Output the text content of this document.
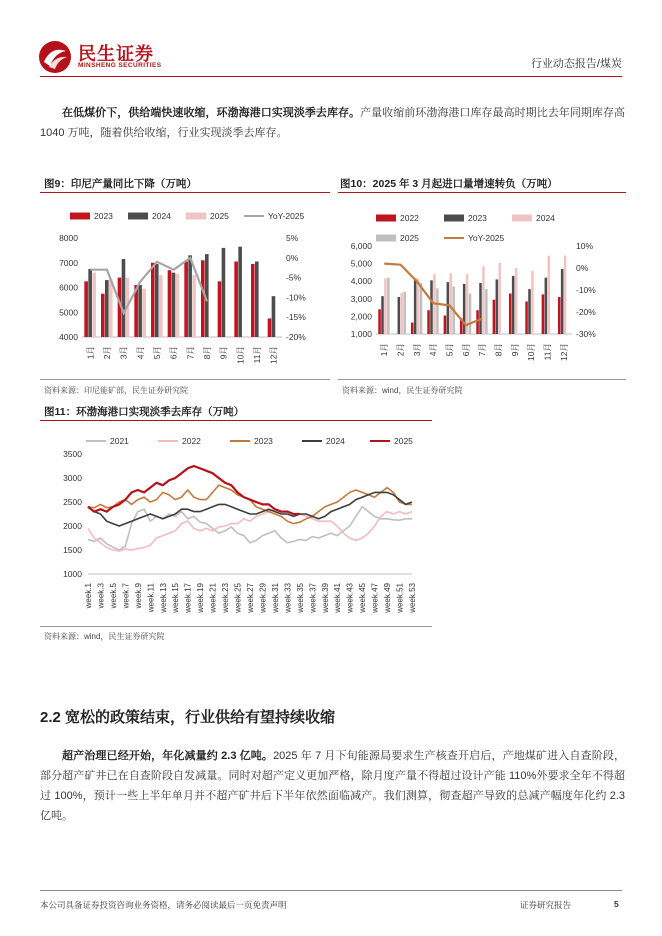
民生证券
MINSHENG SECURITIES	行业动态报告/煤炭
在低煤价下，供给端快速收缩，环渤海港口实现淡季去库存。产量收缩前环渤海港口库存最高时期比去年同期库存高 1040 万吨，随着供给收缩，行业实现淡季去库存。
图9：印尼产量同比下降（万吨）
2023	2024	2025	YoY-2025
4000
5000
6000
7000
8000	5%
0%
-5%
-10%
-15%
-20%
1月 2月 3月 4月 5月 6月 7月 8月 9月 10月 11月 12月
资料来源：印尼能矿部，民生证券研究院
图10：2025 年 3 月起进口量增速转负（万吨）
2022	2023	2024
2025	YoY-2025
1,000
2,000
3,000
4,000
5,000
6,000	10%
0%
-10%
-20%
-30%
1月 2月 3月 4月 5月 6月 7月 8月 9月 10月 11月 12月
资料来源：wind，民生证券研究院
图11：环渤海港口实现淡季去库存（万吨）
2021	2022	2023	2024	2025
1000
1500
2000
2500
3000
3500
week.1 week.3 week.5 week.7 week.9 week.11 week.13 week.15 week.17 week.19 week.21 week.23 week.25 week.27 week.29 week.31 week.33 week.35 week.37 week.39 week.41 week.43 week.45 week.47 week.49 week.51 week.53
资料来源：wind，民生证券研究院
2.2 宽松的政策结束，行业供给有望持续收缩
超产治理已经开始，年化减量约 2.3 亿吨。2025 年 7 月下旬能源局要求生产核查开启后，产地煤矿进入自查阶段，部分超产矿井已在自查阶段自发减量。同时对超产定义更加严格，除月度产量不得超过设计产能 110%外要求全年不得超过 100%，预计一些上半年单月并不超产矿井后下半年依然面临减产。我们测算，彻查超产导致的总减产幅度年化约 2.3 亿吨。
本公司具备证券投资咨询业务资格，请务必阅读最后一页免责声明	证券研究报告	5
